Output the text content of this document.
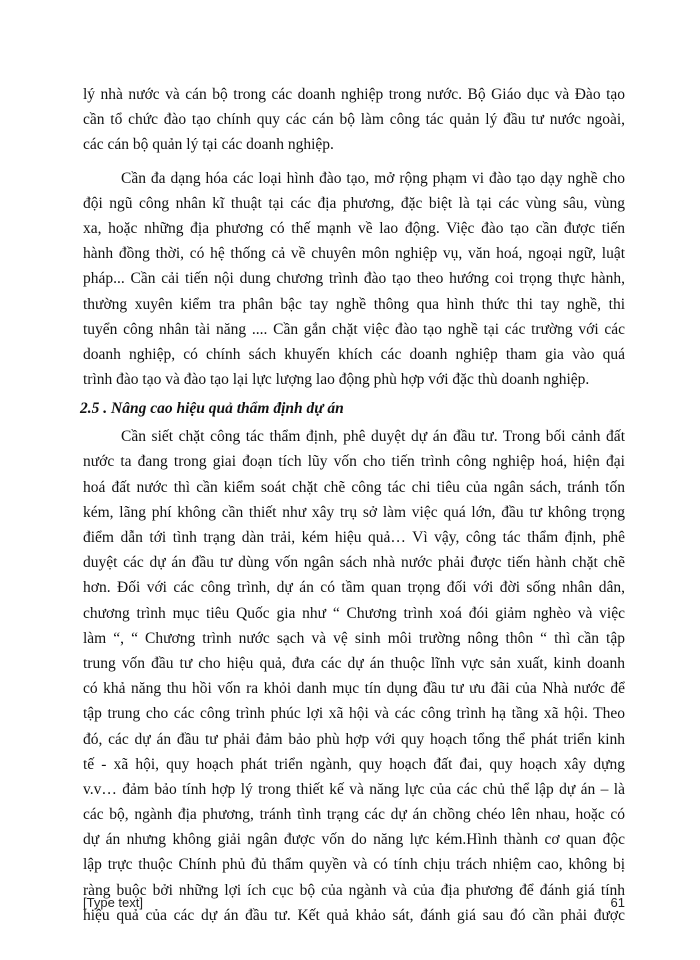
lý nhà nước và cán bộ trong các doanh nghiệp trong nước. Bộ Giáo dục và Đào tạo
cần tổ chức đào tạo chính quy các cán bộ làm công tác quản lý đầu tư nước ngoài,
các cán bộ quản lý tại các doanh nghiệp.
Cần đa dạng hóa các loại hình đào tạo, mở rộng phạm vi đào tạo dạy nghề cho
đội ngũ công nhân kĩ thuật tại các địa phương, đặc biệt là tại các vùng sâu, vùng
xa, hoặc những địa phương có thế mạnh về lao động. Việc đào tạo cần được tiến
hành đồng thời, có hệ thống cả về chuyên môn nghiệp vụ, văn hoá, ngoại ngữ, luật
pháp... Cần cải tiến nội dung chương trình đào tạo theo hướng coi trọng thực hành,
thường xuyên kiểm tra phân bậc tay nghề thông qua hình thức thi tay nghề, thi
tuyển công nhân tài năng .... Cần gắn chặt việc đào tạo nghề tại các trường với các
doanh nghiệp, có chính sách khuyến khích các doanh nghiệp tham gia vào quá
trình đào tạo và đào tạo lại lực lượng lao động phù hợp với đặc thù doanh nghiệp.
2.5 . Nâng cao hiệu quả thẩm định dự án
Cần siết chặt công tác thẩm định, phê duyệt dự án đầu tư. Trong bối cảnh đất
nước ta đang trong giai đoạn tích lũy vốn cho tiến trình công nghiệp hoá, hiện đại
hoá đất nước thì cần kiểm soát chặt chẽ công tác chi tiêu của ngân sách, tránh tốn
kém, lãng phí không cần thiết như xây trụ sở làm việc quá lớn, đầu tư không trọng
điểm dẫn tới tình trạng dàn trải, kém hiệu quả… Vì vậy, công tác thẩm định, phê
duyệt các dự án đầu tư dùng vốn ngân sách nhà nước phải được tiến hành chặt chẽ
hơn. Đối với các công trình, dự án có tầm quan trọng đối với đời sống nhân dân,
chương trình mục tiêu Quốc gia như “ Chương trình xoá đói giảm nghèo và việc
làm “, “ Chương trình nước sạch và vệ sinh môi trường nông thôn “ thì cần tập
trung vốn đầu tư cho hiệu quả, đưa các dự án thuộc lĩnh vực sản xuất, kinh doanh
có khả năng thu hồi vốn ra khỏi danh mục tín dụng đầu tư ưu đãi của Nhà nước để
tập trung cho các công trình phúc lợi xã hội và các công trình hạ tầng xã hội. Theo
đó, các dự án đầu tư phải đảm bảo phù hợp với quy hoạch tổng thể phát triển kinh
tế - xã hội, quy hoạch phát triển ngành, quy hoạch đất đai, quy hoạch xây dựng
v.v… đảm bảo tính hợp lý trong thiết kế và năng lực của các chủ thể lập dự án – là
các bộ, ngành địa phương, tránh tình trạng các dự án chồng chéo lên nhau, hoặc có
dự án nhưng không giải ngân được vốn do năng lực kém.Hình thành cơ quan độc
lập trực thuộc Chính phủ đủ thẩm quyền và có tính chịu trách nhiệm cao, không bị
ràng buộc bởi những lợi ích cục bộ của ngành và của địa phương để đánh giá tính
hiệu quả của các dự án đầu tư. Kết quả khảo sát, đánh giá sau đó cần phải được
[Type text]	61
